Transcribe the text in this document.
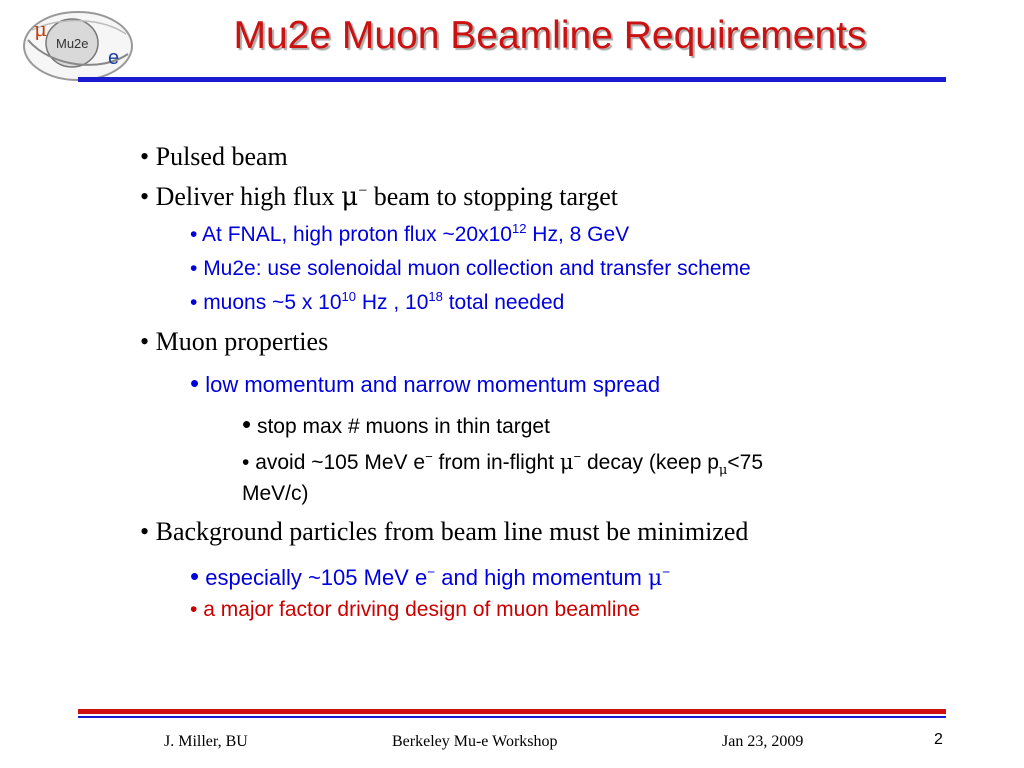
μ
Mu2e
e
Mu2e Muon Beamline Requirements
• Pulsed beam
• Deliver high flux μ− beam to stopping target
• At FNAL, high proton flux $\sim 20x10^{12}$ Hz, 8 GeV
• Mu2e: use solenoidal muon collection and transfer scheme
• muons ~5 x $10^{10}$ Hz , $10^{18}$ total needed
• Muon properties
• low momentum and narrow momentum spread
• stop max # muons in thin target
• avoid ~105 MeV e− from in-flight μ− decay (keep $p_\mu<75$
MeV/c)
• Background particles from beam line must be minimized
• especially ~105 MeV e− and high momentum μ−
• a major factor driving design of muon beamline
J. Miller, BU	Berkeley Mu-e Workshop	Jan 23, 2009	2
